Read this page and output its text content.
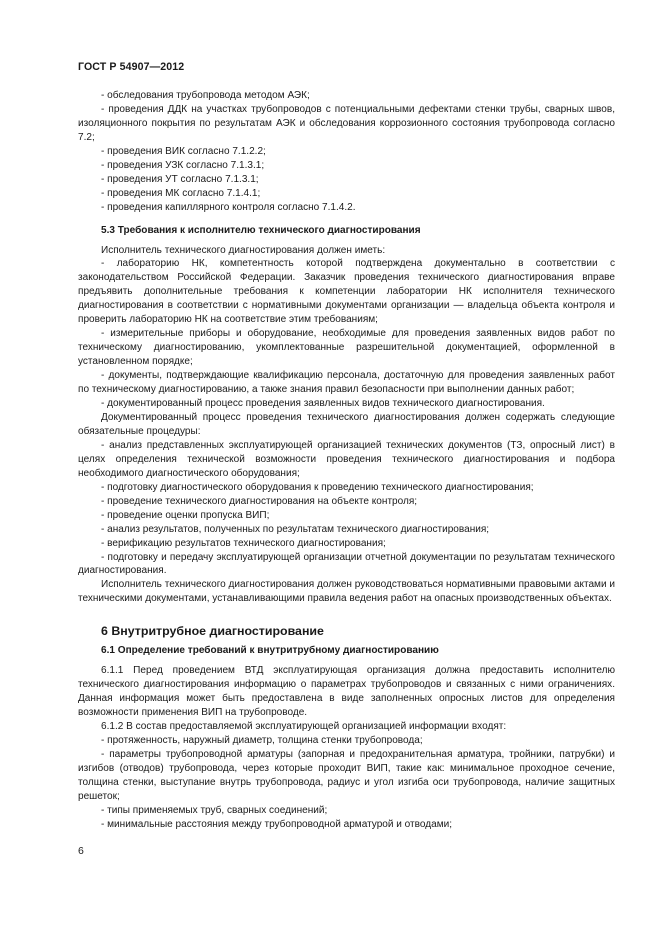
ГОСТ Р 54907—2012

- обследования трубопровода методом АЭК;

- проведения ДДК на участках трубопроводов с потенциальными дефектами стенки трубы, сварных швов, изоляционного покрытия по результатам АЭК и обследования коррозионного состояния трубопровода согласно 7.2;

- проведения ВИК согласно 7.1.2.2;

- проведения УЗК согласно 7.1.3.1;

- проведения УТ согласно 7.1.3.1;

- проведения МК согласно 7.1.4.1;

- проведения капиллярного контроля согласно 7.1.4.2.

5.3 Требования к исполнителю технического диагностирования

Исполнитель технического диагностирования должен иметь:

- лабораторию НК, компетентность которой подтверждена документально в соответствии с законодательством Российской Федерации. Заказчик проведения технического диагностирования вправе предъявить дополнительные требования к компетенции лаборатории НК исполнителя технического диагностирования в соответствии с нормативными документами организации — владельца объекта контроля и проверить лабораторию НК на соответствие этим требованиям;

- измерительные приборы и оборудование, необходимые для проведения заявленных видов работ по техническому диагностированию, укомплектованные разрешительной документацией, оформленной в установленном порядке;

- документы, подтверждающие квалификацию персонала, достаточную для проведения заявленных работ по техническому диагностированию, а также знания правил безопасности при выполнении данных работ;

- документированный процесс проведения заявленных видов технического диагностирования.

Документированный процесс проведения технического диагностирования должен содержать следующие обязательные процедуры:

- анализ представленных эксплуатирующей организацией технических документов (ТЗ, опросный лист) в целях определения технической возможности проведения технического диагностирования и подбора необходимого диагностического оборудования;

- подготовку диагностического оборудования к проведению технического диагностирования;

- проведение технического диагностирования на объекте контроля;

- проведение оценки пропуска ВИП;

- анализ результатов, полученных по результатам технического диагностирования;

- верификацию результатов технического диагностирования;

- подготовку и передачу эксплуатирующей организации отчетной документации по результатам технического диагностирования.

Исполнитель технического диагностирования должен руководствоваться нормативными правовыми актами и техническими документами, устанавливающими правила ведения работ на опасных производственных объектах.

6 Внутритрубное диагностирование

6.1 Определение требований к внутритрубному диагностированию

6.1.1 Перед проведением ВТД эксплуатирующая организация должна предоставить исполнителю технического диагностирования информацию о параметрах трубопроводов и связанных с ними ограничениях. Данная информация может быть предоставлена в виде заполненных опросных листов для определения возможности применения ВИП на трубопроводе.

6.1.2 В состав предоставляемой эксплуатирующей организацией информации входят:

- протяженность, наружный диаметр, толщина стенки трубопровода;

- параметры трубопроводной арматуры (запорная и предохранительная арматура, тройники, патрубки) и изгибов (отводов) трубопровода, через которые проходит ВИП, такие как: минимальное проходное сечение, толщина стенки, выступание внутрь трубопровода, радиус и угол изгиба оси трубопровода, наличие защитных решеток;

- типы применяемых труб, сварных соединений;

- минимальные расстояния между трубопроводной арматурой и отводами;

6
